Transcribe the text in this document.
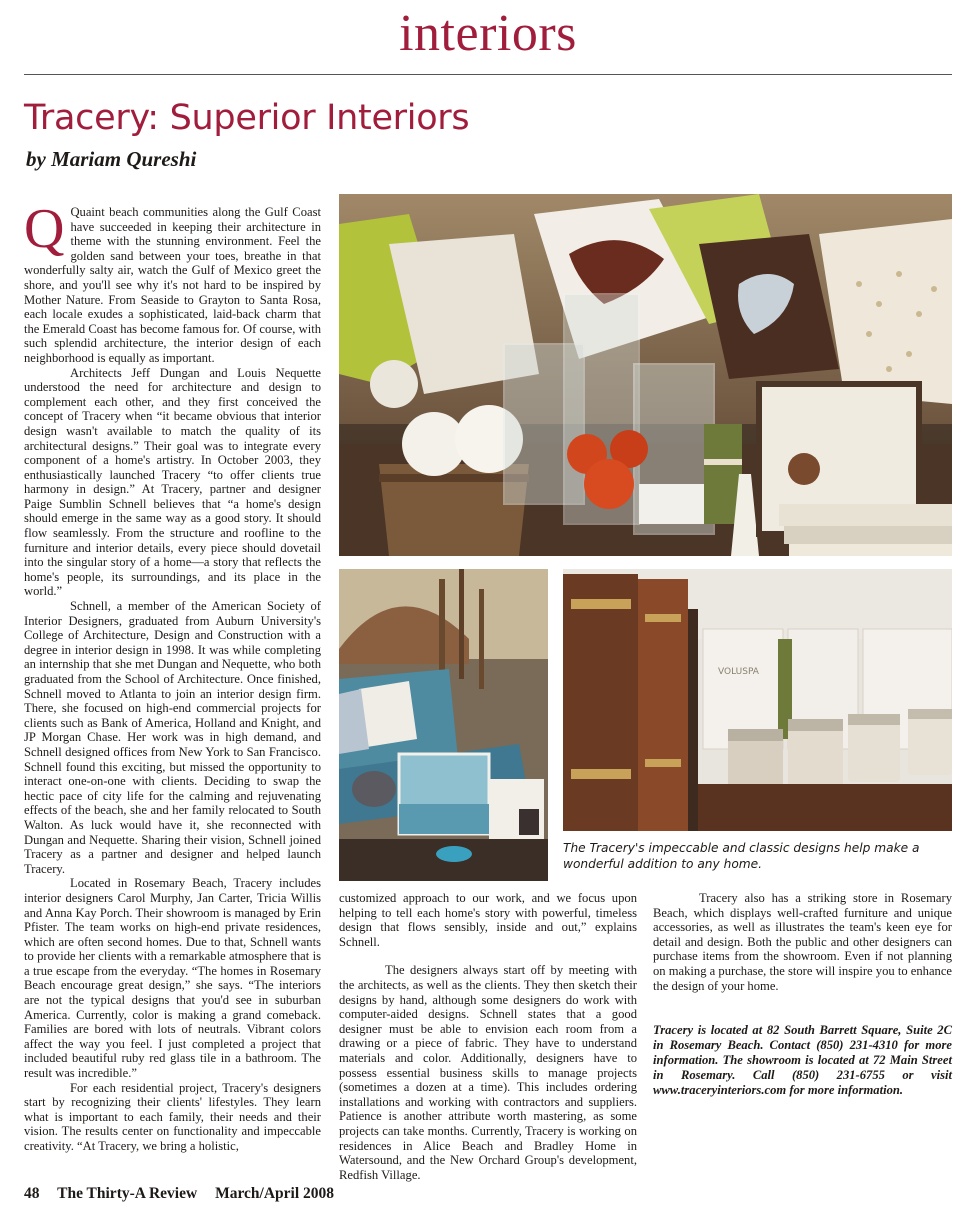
interiors
Tracery: Superior Interiors
by Mariam Qureshi

Q Quaint beach communities along the Gulf Coast have succeeded in keeping their architecture in theme with the stunning environment. Feel the golden sand between your toes, breathe in that wonderfully salty air, watch the Gulf of Mexico greet the shore, and you'll see why it's not hard to be inspired by Mother Nature. From Seaside to Grayton to Santa Rosa, each locale exudes a sophisticated, laid-back charm that the Emerald Coast has become famous for. Of course, with such splendid architecture, the interior design of each neighborhood is equally as important.

Architects Jeff Dungan and Louis Nequette understood the need for architecture and design to complement each other, and they first conceived the concept of Tracery when “it became obvious that interior design wasn't available to match the quality of its architectural designs.” Their goal was to integrate every component of a home's artistry. In October 2003, they enthusiastically launched Tracery “to offer clients true harmony in design.” At Tracery, partner and designer Paige Sumblin Schnell believes that “a home's design should emerge in the same way as a good story. It should flow seamlessly. From the structure and roofline to the furniture and interior details, every piece should dovetail into the singular story of a home—a story that reflects the home's people, its surroundings, and its place in the world.”

Schnell, a member of the American Society of Interior Designers, graduated from Auburn University's College of Architecture, Design and Construction with a degree in interior design in 1998. It was while completing an internship that she met Dungan and Nequette, who both graduated from the School of Architecture. Once finished, Schnell moved to Atlanta to join an interior design firm. There, she focused on high-end commercial projects for clients such as Bank of America, Holland and Knight, and JP Morgan Chase. Her work was in high demand, and Schnell designed offices from New York to San Francisco. Schnell found this exciting, but missed the opportunity to interact one-on-one with clients. Deciding to swap the hectic pace of city life for the calming and rejuvenating effects of the beach, she and her family relocated to South Walton. As luck would have it, she reconnected with Dungan and Nequette. Sharing their vision, Schnell joined Tracery as a partner and designer and helped launch Tracery.

Located in Rosemary Beach, Tracery includes interior designers Carol Murphy, Jan Carter, Tricia Willis and Anna Kay Porch. Their showroom is managed by Erin Pfister. The team works on high-end private residences, which are often second homes. Due to that, Schnell wants to provide her clients with a remarkable atmosphere that is a true escape from the everyday. “The homes in Rosemary Beach encourage great design,” she says. “The interiors are not the typical designs that you'd see in suburban America. Currently, color is making a grand comeback. Families are bored with lots of neutrals. Vibrant colors affect the way you feel. I just completed a project that included beautiful ruby red glass tile in a bathroom. The result was incredible.”

For each residential project, Tracery's designers start by recognizing their clients' lifestyles. They learn what is important to each family, their needs and their vision. The results center on functionality and impeccable creativity. “At Tracery, we bring a holistic,

customized approach to our work, and we focus upon helping to tell each home's story with powerful, timeless design that flows sensibly, inside and out,” explains Schnell.

The designers always start off by meeting with the architects, as well as the clients. They then sketch their designs by hand, although some designers do work with computer-aided designs. Schnell states that a good designer must be able to envision each room from a drawing or a piece of fabric. They have to understand materials and color. Additionally, designers have to possess essential business skills to manage projects (sometimes a dozen at a time). This includes ordering installations and working with contractors and suppliers. Patience is another attribute worth mastering, as some projects can take months. Currently, Tracery is working on residences in Alice Beach and Bradley Home in Watersound, and the New Orchard Group's development, Redfish Village.

Tracery also has a striking store in Rosemary Beach, which displays well-crafted furniture and unique accessories, as well as illustrates the team's keen eye for detail and design. Both the public and other designers can purchase items from the showroom. Even if not planning on making a purchase, the store will inspire you to enhance the design of your home.

Tracery is located at 82 South Barrett Square, Suite 2C in Rosemary Beach. Contact (850) 231-4310 for more information. The showroom is located at 72 Main Street in Rosemary. Call (850) 231-6755 or visit www.traceryinteriors.com for more information.

VOLUSPA
The Tracery's impeccable and classic designs help make a wonderful addition to any home.
48 The Thirty-A Review March/April 2008
